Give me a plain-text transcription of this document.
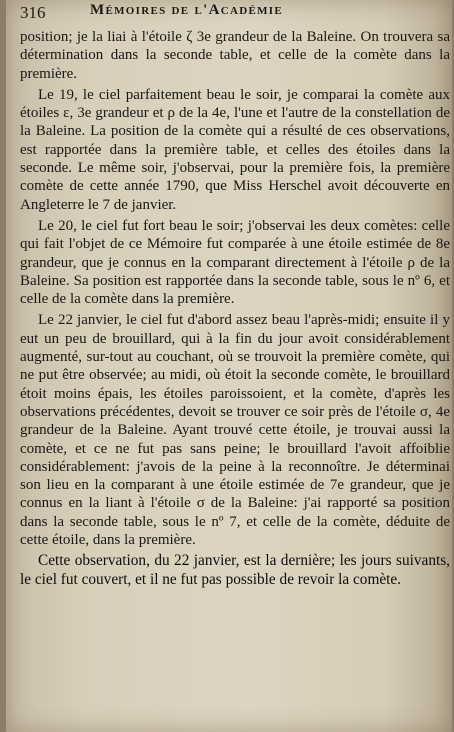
316	Mémoires de l'Académie

position; je la liai à l'étoile ζ 3e grandeur de la Baleine. On trouvera sa détermination dans la seconde table, et celle de la comète dans la première.

Le 19, le ciel parfaitement beau le soir, je comparai la comète aux étoiles ε, 3e grandeur et ρ de la 4e, l'une et l'autre de la constellation de la Baleine. La position de la comète qui a résulté de ces observations, est rapportée dans la première table, et celles des étoiles dans la seconde. Le même soir, j'observai, pour la première fois, la première comète de cette année 1790, que Miss Herschel avoit découverte en Angleterre le 7 de janvier.

Le 20, le ciel fut fort beau le soir; j'observai les deux comètes: celle qui fait l'objet de ce Mémoire fut comparée à une étoile estimée de 8e grandeur, que je connus en la comparant directement à l'étoile ρ de la Baleine. Sa position est rapportée dans la seconde table, sous le nº 6, et celle de la comète dans la première.

Le 22 janvier, le ciel fut d'abord assez beau l'après-midi; ensuite il y eut un peu de brouillard, qui à la fin du jour avoit considérablement augmenté, sur-tout au couchant, où se trouvoit la première comète, qui ne put être observée; au midi, où étoit la seconde comète, le brouillard étoit moins épais, les étoiles paroissoient, et la comète, d'après les observations précédentes, devoit se trouver ce soir près de l'étoile σ, 4e grandeur de la Baleine. Ayant trouvé cette étoile, je trouvai aussi la comète, et ce ne fut pas sans peine; le brouillard l'avoit affoiblie considérablement: j'avois de la peine à la reconnoître. Je déterminai son lieu en la comparant à une étoile estimée de 7e grandeur, que je connus en la liant à l'étoile σ de la Baleine: j'ai rapporté sa position dans la seconde table, sous le nº 7, et celle de la comète, déduite de cette étoile, dans la première.

Cette observation, du 22 janvier, est la dernière; les jours suivants, le ciel fut couvert, et il ne fut pas possible de revoir la comète.
